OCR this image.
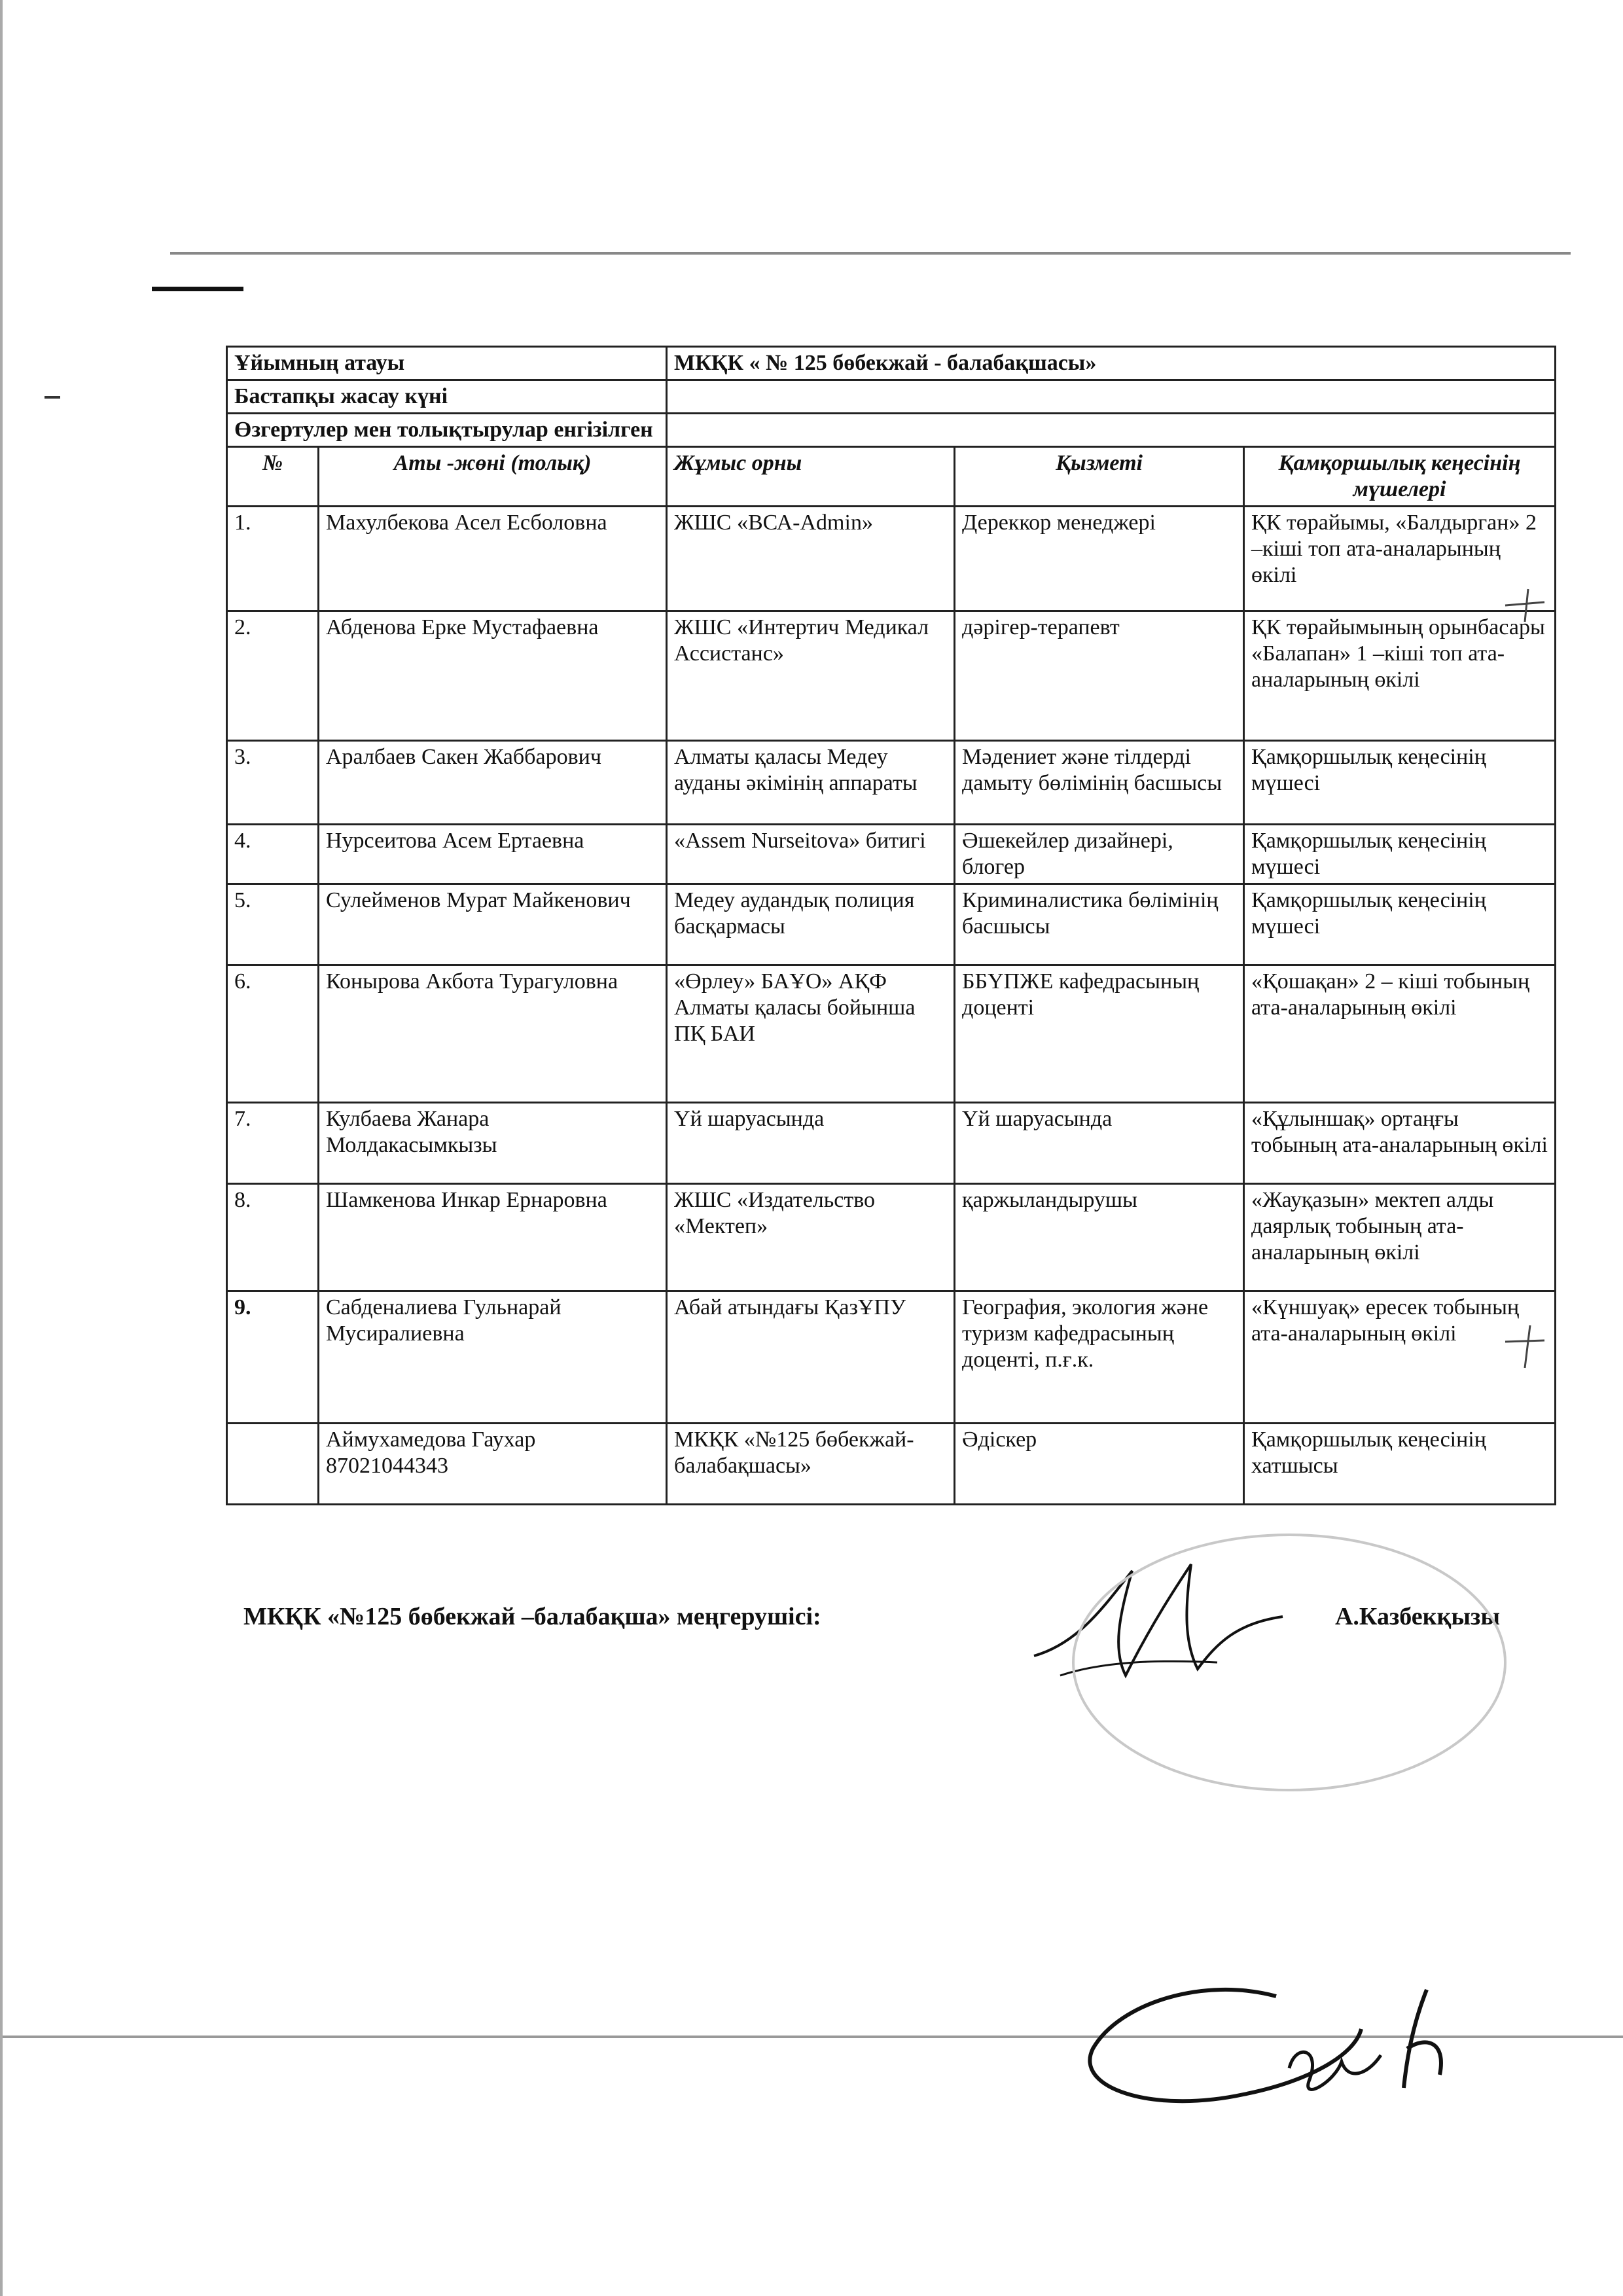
Ұйымның атауы		МКҚК « № 125 бөбекжай - балабақшасы»		
Бастапқы жасау күні				
Өзгертулер мен толықтырулар енгізілген				
№	Аты -жөні (толық)	Жұмыс орны	Қызметі	Қамқоршылық кеңесінің мүшелері
1.	Махулбекова Асел Есболовна	ЖШС «ВСА-Admin»	Дереккор менеджері	ҚК төрайымы, «Балдырган» 2 –кіші топ ата-аналарының өкілі
2.	Абденова Ерке Мустафаевна	ЖШС «Интертич Медикал Ассистанс»	дәрігер-терапевт	ҚК төрайымының орынбасары «Балапан» 1 –кіші топ ата-аналарының өкілі
3.	Аралбаев Сакен Жаббарович	Алматы қаласы Медеу ауданы әкімінің аппараты	Мәдениет және тілдерді дамыту бөлімінің басшысы	Қамқоршылық кеңесінің мүшесі
4.	Нурсеитова Асем Ертаевна	«Assem Nurseitova» битигі	Әшекейлер дизайнері, блогер	Қамқоршылық кеңесінің мүшесі
5.	Сулейменов Мурат Майкенович	Медеу аудандық полиция басқармасы	Криминалистика бөлімінің басшысы	Қамқоршылық кеңесінің мүшесі
6.	Конырова Акбота Турагуловна	«Өрлеу» БАҰО» АҚФ Алматы қаласы бойынша ПҚ БАИ	ББҮПЖЕ кафедрасының доценті	«Қошақан» 2 – кіші тобының ата-аналарының өкілі
7.	Кулбаева Жанара Молдакасымкызы	Үй шаруасында	Үй шаруасында	«Құлыншақ» ортаңғы тобының ата-аналарының өкілі
8.	Шамкенова Инкар Ернаровна	ЖШС «Издательство «Мектеп»	қаржыландырушы	«Жауқазын» мектеп алды даярлық тобының ата-аналарының өкілі
9.	Сабденалиева Гульнарай Мусиралиевна	Абай атындағы ҚазҰПУ	География, экология және туризм кафедрасының доценті, п.ғ.к.	«Күншуақ» ересек тобының ата-аналарының өкілі
	Аймухамедова Гаухар 87021044343	МКҚК «№125 бөбекжай-балабақшасы»	Әдіскер	Қамқоршылық кеңесінің хатшысы
МКҚК «№125 бөбекжай –балабақша» меңгерушісі:	А.Казбекқызы
